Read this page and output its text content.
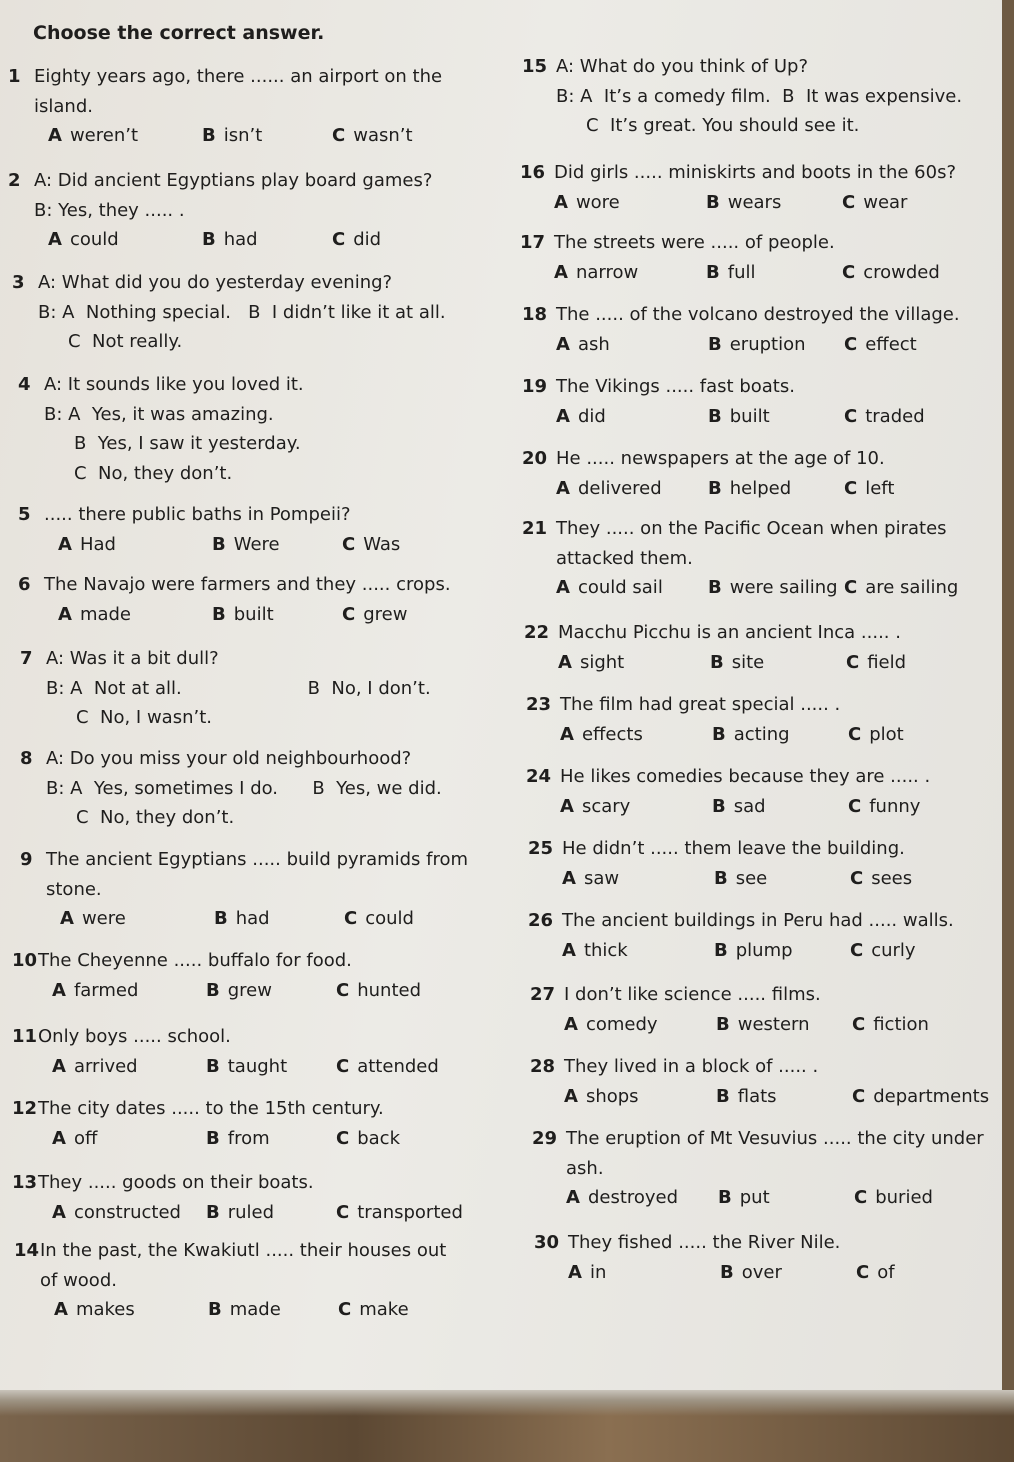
Choose the correct answer.
1 Eighty years ago, there ...... an airport on the
island.
A weren’t	B isn’t	C wasn’t
2 A: Did ancient Egyptians play board games?
B: Yes, they ..... .
A could	B had	C did
3 A: What did you do yesterday evening?
B: A  Nothing special.   B  I didn’t like it at all.
C  Not really.
4 A: It sounds like you loved it.
B: A  Yes, it was amazing.
B  Yes, I saw it yesterday.
C  No, they don’t.
5 ..... there public baths in Pompeii?
A Had	B Were	C Was
6 The Navajo were farmers and they ..... crops.
A made	B built	C grew
7 A: Was it a bit dull?
B: A  Not at all.                      B  No, I don’t.
C  No, I wasn’t.
8 A: Do you miss your old neighbourhood?
B: A  Yes, sometimes I do.      B  Yes, we did.
C  No, they don’t.
9 The ancient Egyptians ..... build pyramids from
stone.
A were	B had	C could
10The Cheyenne ..... buffalo for food.
A farmed	B grew	C hunted
11Only boys ..... school.
A arrived	B taught	C attended
12The city dates ..... to the 15th century.
A off	B from	C back
13They ..... goods on their boats.
A constructed B ruled	C transported
14In the past, the Kwakiutl ..... their houses out
of wood.
A makes	B made	C make
15 A: What do you think of Up?
B: A  It’s a comedy film.  B  It was expensive.
C  It’s great. You should see it.
16 Did girls ..... miniskirts and boots in the 60s?
A wore	B wears	C wear
17 The streets were ..... of people.
A narrow	B full	C crowded
18 The ..... of the volcano destroyed the village.
A ash	B eruption C effect
19 The Vikings ..... fast boats.
A did	B built	C traded
20 He ..... newspapers at the age of 10.
A delivered	B helped	C left
21 They ..... on the Pacific Ocean when pirates
attacked them.
A could sail	B were sailing C are sailing
22 Macchu Picchu is an ancient Inca ..... .
A sight	B site	C field
23 The film had great special ..... .
A effects	B acting	C plot
24 He likes comedies because they are ..... .
A scary	B sad	C funny
25 He didn’t ..... them leave the building.
A saw	B see	C sees
26 The ancient buildings in Peru had ..... walls.
A thick	B plump	C curly
27 I don’t like science ..... films.
A comedy	B western C fiction
28 They lived in a block of ..... .
A shops	B flats	C departments
29 The eruption of Mt Vesuvius ..... the city under
ash.
A destroyed B put	C buried
30 They fished ..... the River Nile.
A in	B over	C of
